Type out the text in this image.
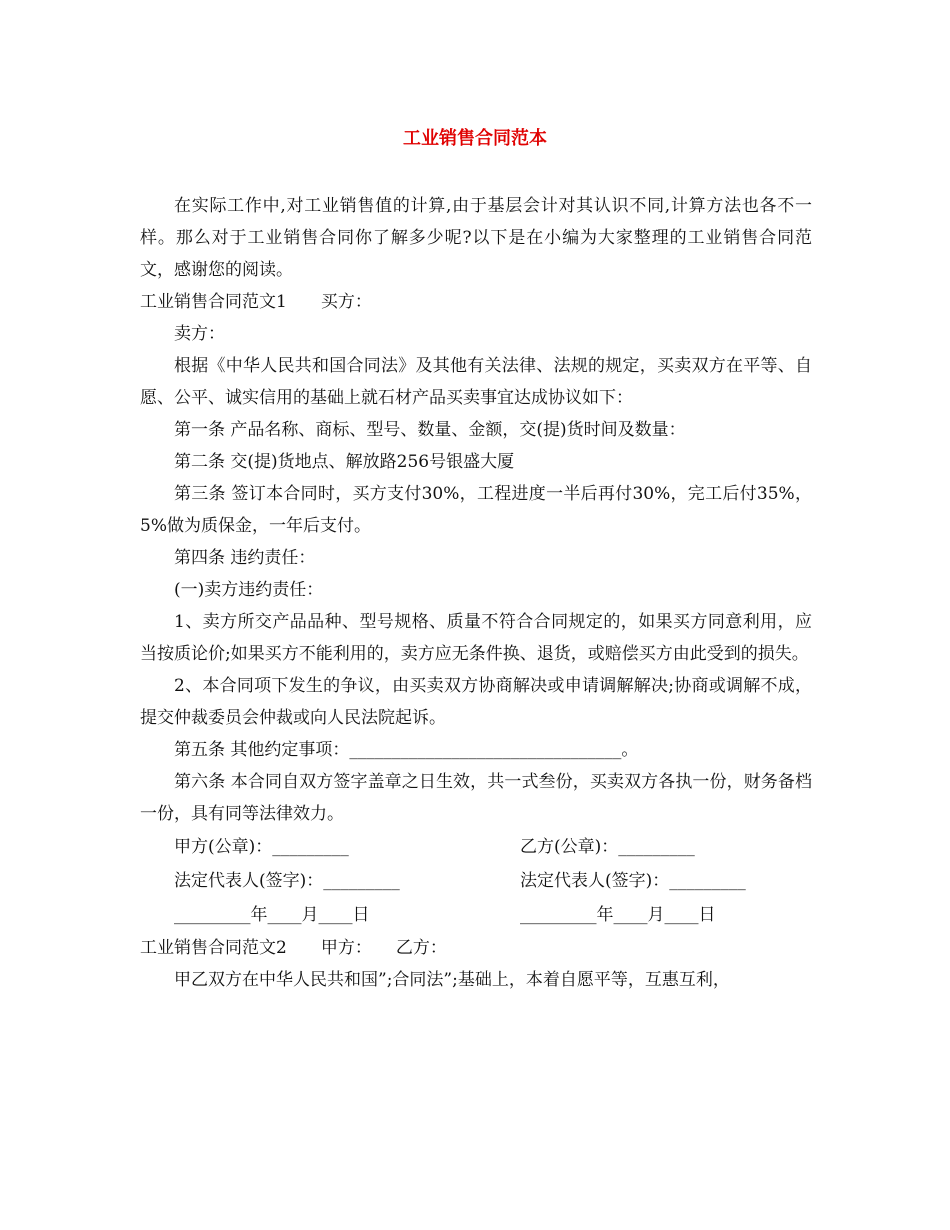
工业销售合同范本

在实际工作中,对工业销售值的计算,由于基层会计对其认识不同,计算方法也各不一样。那么对于工业销售合同你了解多少呢?以下是在小编为大家整理的工业销售合同范文，感谢您的阅读。

工业销售合同范文1 买方：

卖方：

根据《中华人民共和国合同法》及其他有关法律、法规的规定，买卖双方在平等、自愿、公平、诚实信用的基础上就石材产品买卖事宜达成协议如下：

第一条 产品名称、商标、型号、数量、金额，交(提)货时间及数量：

第二条 交(提)货地点、解放路256号银盛大厦

第三条 签订本合同时，买方支付30%，工程进度一半后再付30%，完工后付35%，5%做为质保金，一年后支付。

第四条 违约责任：

(一)卖方违约责任：

1、卖方所交产品品种、型号规格、质量不符合合同规定的，如果买方同意利用，应当按质论价;如果买方不能利用的，卖方应无条件换、退货，或赔偿买方由此受到的损失。

2、本合同项下发生的争议，由买卖双方协商解决或申请调解解决;协商或调解不成，提交仲裁委员会仲裁或向人民法院起诉。

第五条 其他约定事项：________________________________。

第六条 本合同自双方签字盖章之日生效，共一式叁份，买卖双方各执一份，财务备档一份，具有同等法律效力。

甲方(公章)：_________	乙方(公章)：_________
法定代表人(签字)：_________	法定代表人(签字)：_________
_________年____月____日	_________年____月____日

工业销售合同范文2 甲方： 乙方：

甲乙双方在中华人民共和国”;合同法”;基础上，本着自愿平等，互惠互利，
